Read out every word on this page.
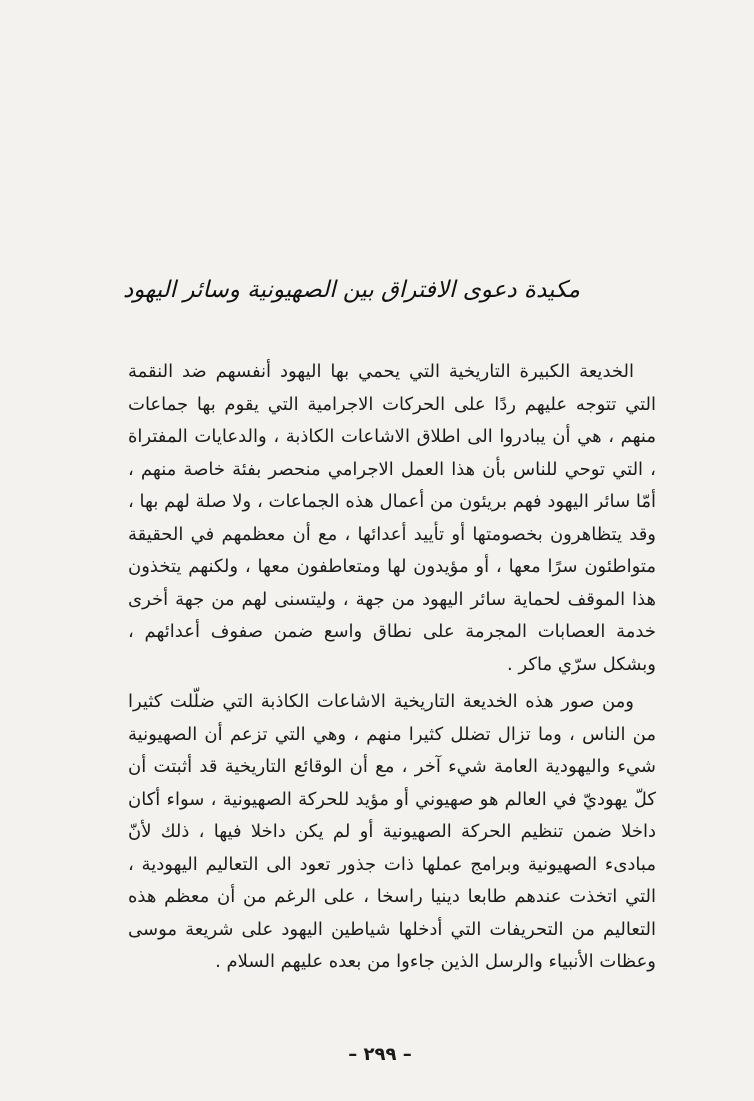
مكيدة دعوى الافتراق بين الصهيونية وسائر اليهود

الخديعة الكبيرة التاريخية التي يحمي بها اليهود أنفسهم ضد النقمة التي تتوجه عليهم ردًا على الحركات الاجرامية التي يقوم بها جماعات منهم ، هي أن يبادروا الى اطلاق الاشاعات الكاذبة ، والدعايات المفتراة ، التي توحي للناس بأن هذا العمل الاجرامي منحصر بفئة خاصة منهم ، أمّا سائر اليهود فهم بريئون من أعمال هذه الجماعات ، ولا صلة لهم بها ، وقد يتظاهرون بخصومتها أو تأييد أعدائها ، مع أن معظمهم في الحقيقة متواطئون سرًا معها ، أو مؤيدون لها ومتعاطفون معها ، ولكنهم يتخذون هذا الموقف لحماية سائر اليهود من جهة ، وليتسنى لهم من جهة أخرى خدمة العصابات المجرمة على نطاق واسع ضمن صفوف أعدائهم ، وبشكل سرّي ماكر .

ومن صور هذه الخديعة التاريخية الاشاعات الكاذبة التي ضلّلت كثيرا من الناس ، وما تزال تضلل كثيرا منهم ، وهي التي تزعم أن الصهيونية شيء واليهودية العامة شيء آخر ، مع أن الوقائع التاريخية قد أثبتت أن كلّ يهوديّ في العالم هو صهيوني أو مؤيد للحركة الصهيونية ، سواء أكان داخلا ضمن تنظيم الحركة الصهيونية أو لم يكن داخلا فيها ، ذلك لأنّ مبادىء الصهيونية وبرامج عملها ذات جذور تعود الى التعاليم اليهودية ، التي اتخذت عندهم طابعا دينيا راسخا ، على الرغم من أن معظم هذه التعاليم من التحريفات التي أدخلها شياطين اليهود على شريعة موسى وعظات الأنبياء والرسل الذين جاءوا من بعده عليهم السلام .

– ٢٩٩ –
